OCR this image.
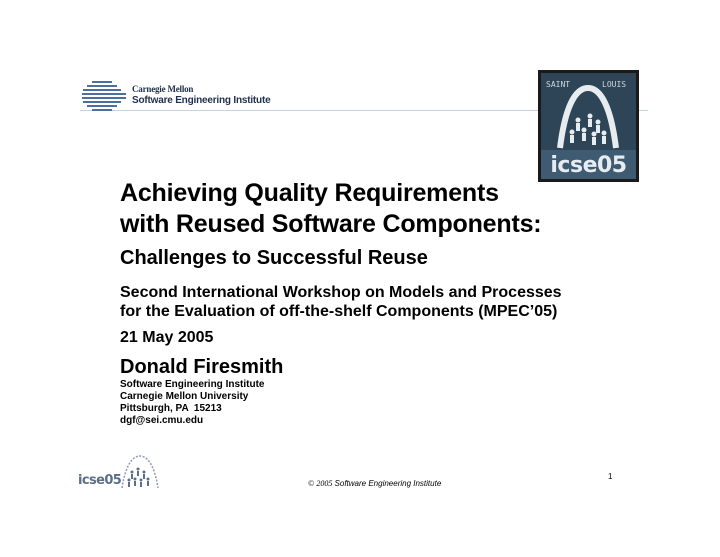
Carnegie Mellon
Software Engineering Institute
SAINT	LOUIS
icse05
Achieving Quality Requirements
with Reused Software Components:
Challenges to Successful Reuse
Second International Workshop on Models and Processes
for the Evaluation of off-the-shelf Components (MPEC’05)
21 May 2005
Donald Firesmith
Software Engineering Institute
Carnegie Mellon University
Pittsburgh, PA  15213
dgf@sei.cmu.edu
icse05	© 2005 Software Engineering Institute
1
